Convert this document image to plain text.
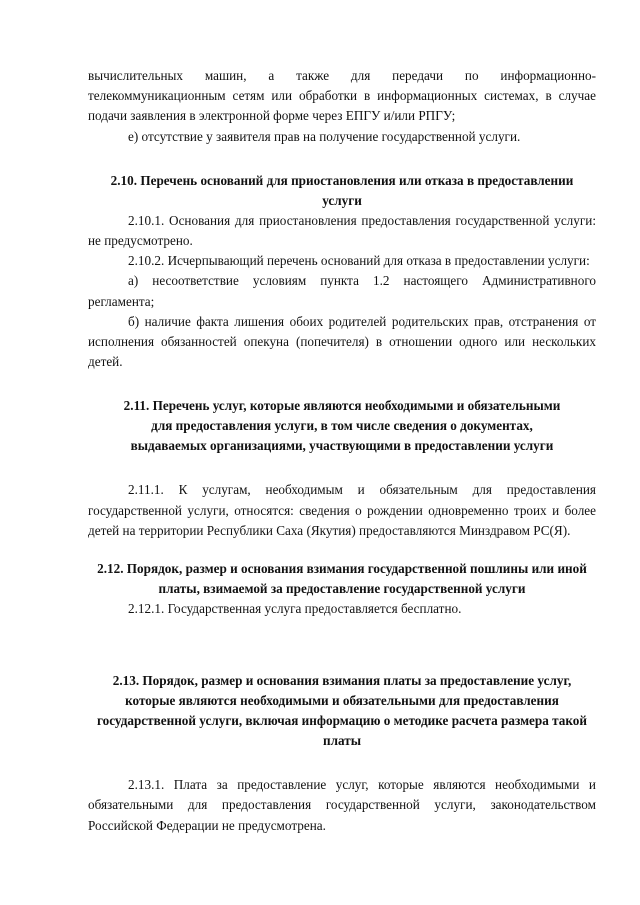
вычислительных машин, а также для передачи по информационно-телекоммуникационным сетям или обработки в информационных системах, в случае подачи заявления в электронной форме через ЕПГУ и/или РПГУ;

е) отсутствие у заявителя прав на получение государственной услуги.

2.10. Перечень оснований для приостановления или отказа в предоставлении услуги

2.10.1. Основания для приостановления предоставления государственной услуги: не предусмотрено.

2.10.2. Исчерпывающий перечень оснований для отказа в предоставлении услуги:

а) несоответствие условиям пункта 1.2 настоящего Административного регламента;

б) наличие факта лишения обоих родителей родительских прав, отстранения от исполнения обязанностей опекуна (попечителя) в отношении одного или нескольких детей.

2.11. Перечень услуг, которые являются необходимыми и обязательными для предоставления услуги, в том числе сведения о документах, выдаваемых организациями, участвующими в предоставлении услуги

2.11.1. К услугам, необходимым и обязательным для предоставления государственной услуги, относятся: сведения о рождении одновременно троих и более детей на территории Республики Саха (Якутия) предоставляются Минздравом РС(Я).

2.12. Порядок, размер и основания взимания государственной пошлины или иной платы, взимаемой за предоставление государственной услуги

2.12.1. Государственная услуга предоставляется бесплатно.

2.13. Порядок, размер и основания взимания платы за предоставление услуг, которые являются необходимыми и обязательными для предоставления государственной услуги, включая информацию о методике расчета размера такой платы

2.13.1. Плата за предоставление услуг, которые являются необходимыми и обязательными для предоставления государственной услуги, законодательством Российской Федерации не предусмотрена.
